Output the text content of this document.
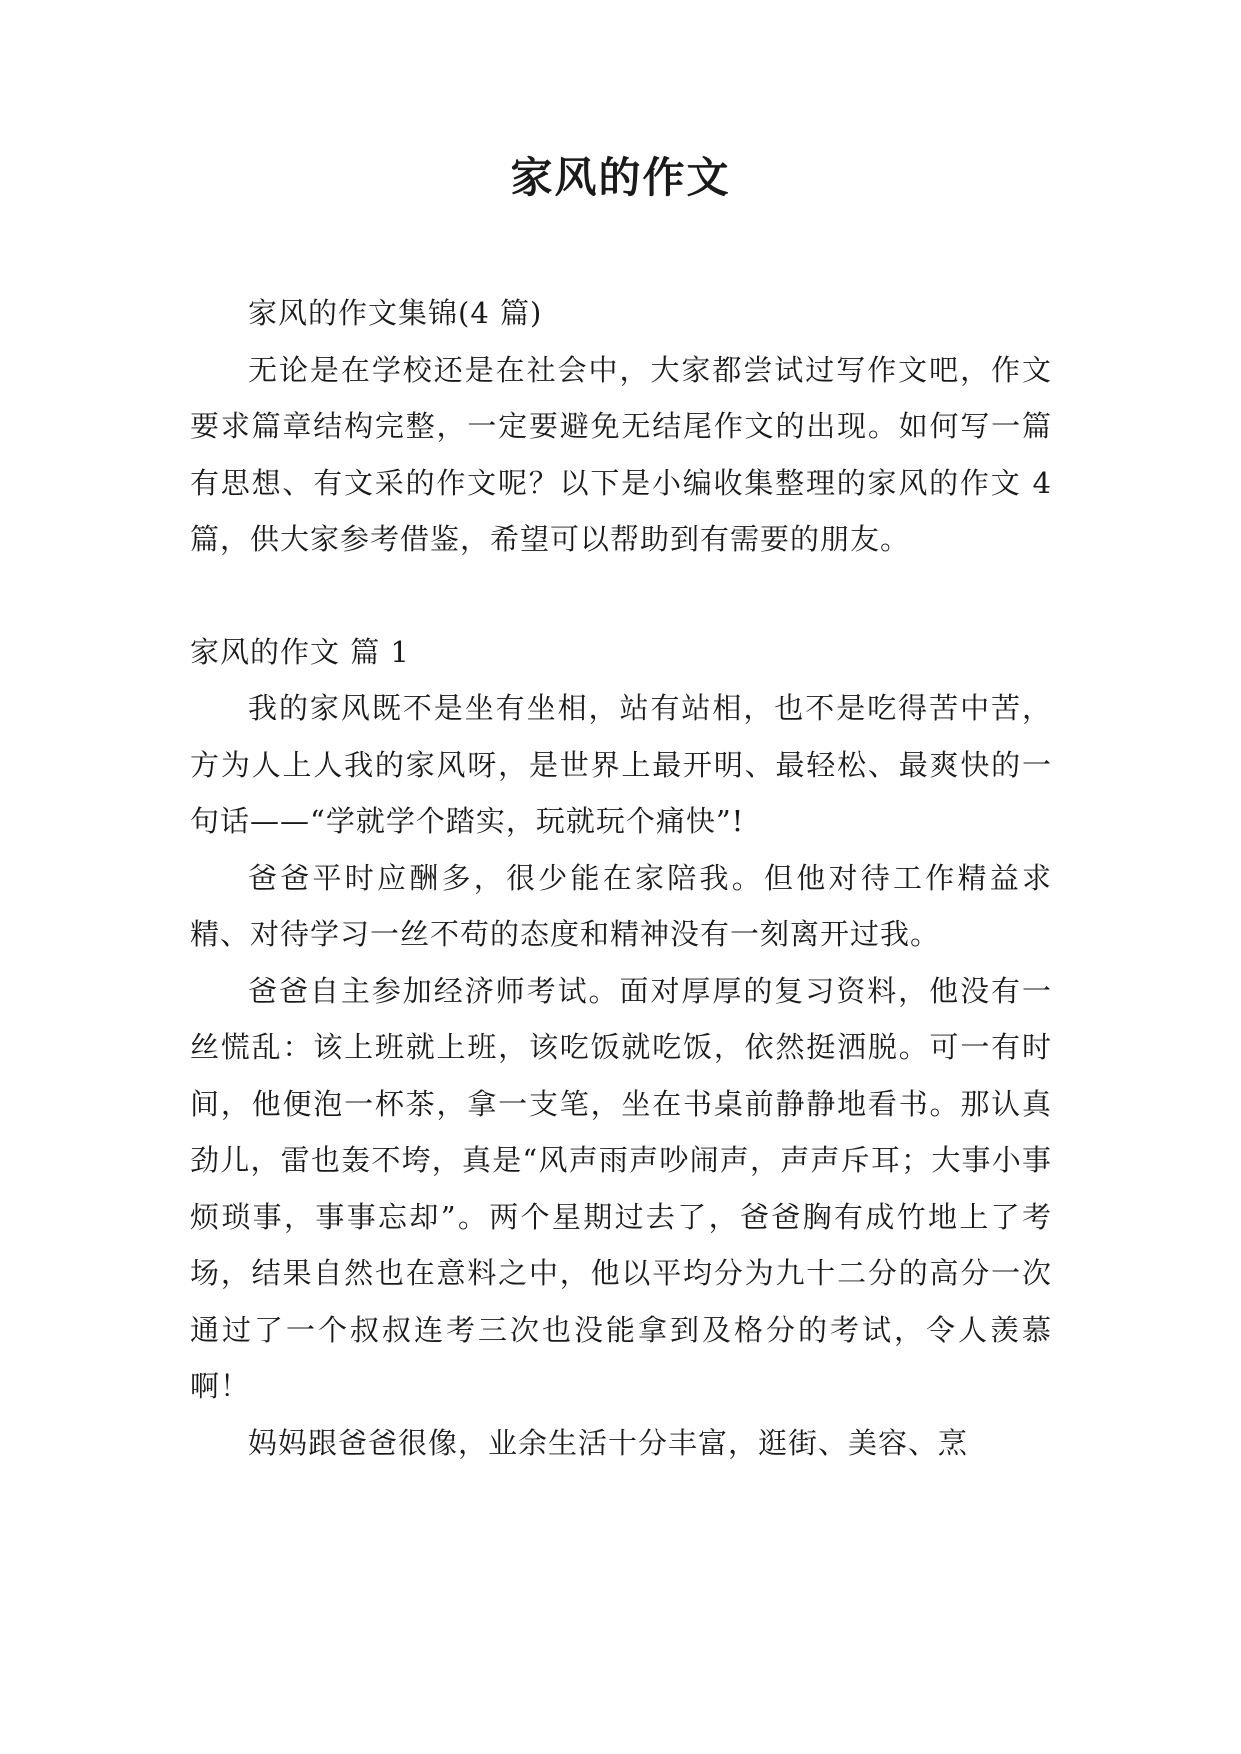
家风的作文

家风的作文集锦(4 篇)

无论是在学校还是在社会中，大家都尝试过写作文吧，作文要求篇章结构完整，一定要避免无结尾作文的出现。如何写一篇有思想、有文采的作文呢？以下是小编收集整理的家风的作文 4 篇，供大家参考借鉴，希望可以帮助到有需要的朋友。

家风的作文 篇 1

我的家风既不是坐有坐相，站有站相，也不是吃得苦中苦，方为人上人我的家风呀，是世界上最开明、最轻松、最爽快的一句话——“学就学个踏实，玩就玩个痛快”!

爸爸平时应酬多，很少能在家陪我。但他对待工作精益求精、对待学习一丝不苟的态度和精神没有一刻离开过我。

爸爸自主参加经济师考试。面对厚厚的复习资料，他没有一丝慌乱：该上班就上班，该吃饭就吃饭，依然挺洒脱。可一有时间，他便泡一杯茶，拿一支笔，坐在书桌前静静地看书。那认真劲儿，雷也轰不垮，真是“风声雨声吵闹声，声声斥耳；大事小事烦琐事，事事忘却”。两个星期过去了，爸爸胸有成竹地上了考场，结果自然也在意料之中，他以平均分为九十二分的高分一次通过了一个叔叔连考三次也没能拿到及格分的考试，令人羡慕啊！

妈妈跟爸爸很像，业余生活十分丰富，逛街、美容、烹
